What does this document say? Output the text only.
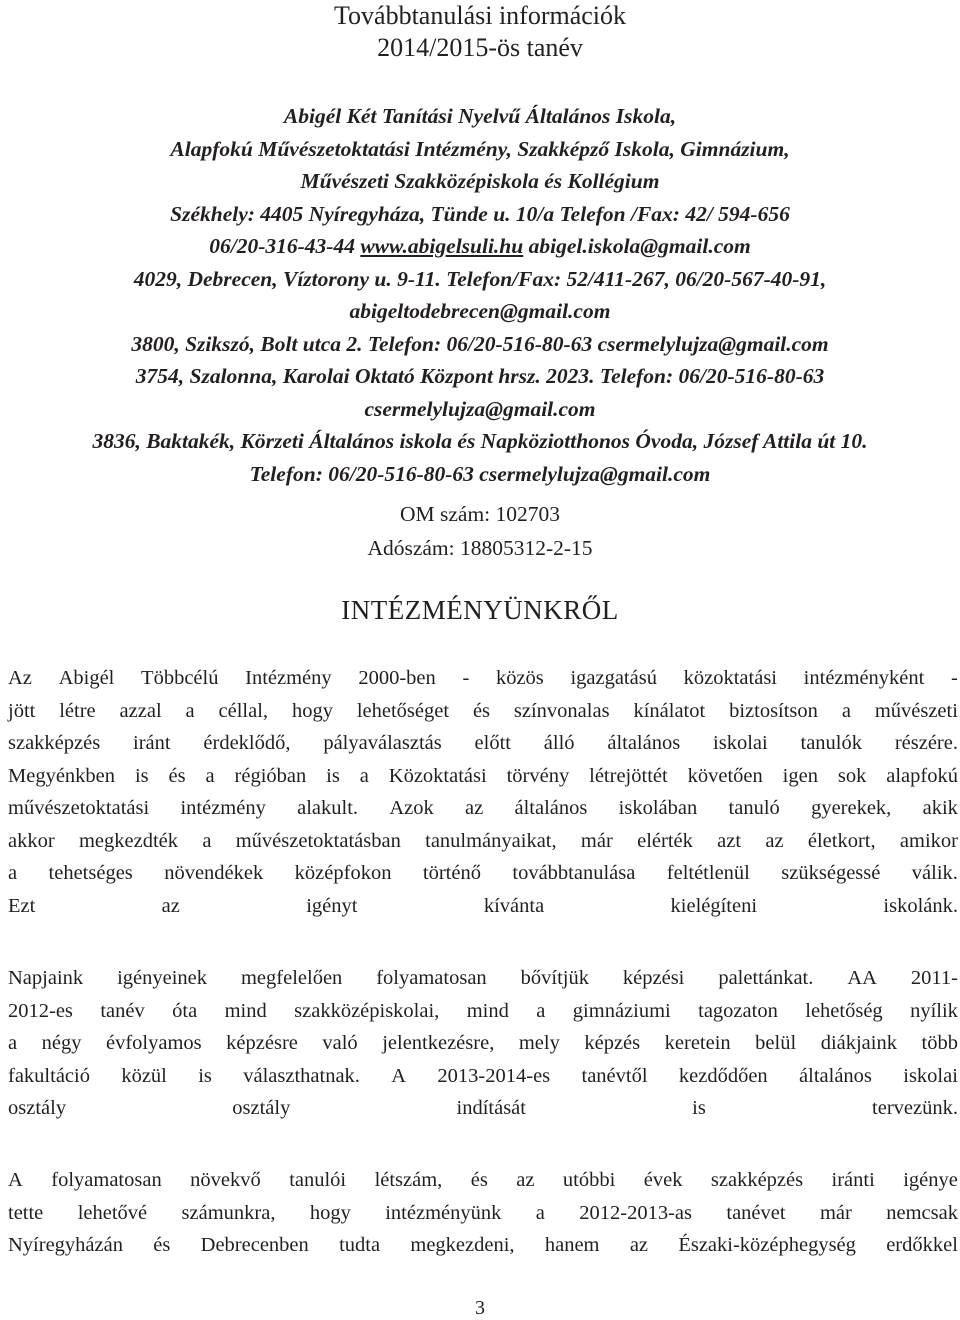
Továbbtanulási információk
2014/2015-ös tanév
Abigél Két Tanítási Nyelvű Általános Iskola,
Alapfokú Művészetoktatási Intézmény, Szakképző Iskola, Gimnázium,
Művészeti Szakközépiskola és Kollégium
Székhely: 4405 Nyíregyháza, Tünde u. 10/a Telefon /Fax: 42/ 594-656
06/20-316-43-44 www.abigelsuli.hu abigel.iskola@gmail.com
4029, Debrecen, Víztorony u. 9-11. Telefon/Fax: 52/411-267, 06/20-567-40-91,
abigeltodebrecen@gmail.com
3800, Szikszó, Bolt utca 2. Telefon: 06/20-516-80-63 csermelylujza@gmail.com
3754, Szalonna, Karolai Oktató Központ hrsz. 2023. Telefon: 06/20-516-80-63
csermelylujza@gmail.com
3836, Baktakék, Körzeti Általános iskola és Napköziotthonos Óvoda, József Attila út 10.
Telefon: 06/20-516-80-63 csermelylujza@gmail.com
OM szám: 102703
Adószám: 18805312-2-15
INTÉZMÉNYÜNKRŐL
Az Abigél Többcélú Intézmény 2000-ben - közös igazgatású közoktatási intézményként -
jött létre azzal a céllal, hogy lehetőséget és színvonalas kínálatot biztosítson a művészeti
szakképzés iránt érdeklődő, pályaválasztás előtt álló általános iskolai tanulók részére.
Megyénkben is és a régióban is a Közoktatási törvény létrejöttét követően igen sok alapfokú
művészetoktatási intézmény alakult. Azok az általános iskolában tanuló gyerekek, akik
akkor megkezdték a művészetoktatásban tanulmányaikat, már elérték azt az életkort, amikor
a tehetséges növendékek középfokon történő továbbtanulása feltétlenül szükségessé válik.
Ezt az igényt kívánta kielégíteni iskolánk.
Napjaink igényeinek megfelelően folyamatosan bővítjük képzési palettánkat. AA 2011-
2012-es tanév óta mind szakközépiskolai, mind a gimnáziumi tagozaton lehetőség nyílik
a négy évfolyamos képzésre való jelentkezésre, mely képzés keretein belül diákjaink több
fakultáció közül is választhatnak. A 2013-2014-es tanévtől kezdődően általános iskolai
osztály osztály indítását is tervezünk.
A folyamatosan növekvő tanulói létszám, és az utóbbi évek szakképzés iránti igénye
tette lehetővé számunkra, hogy intézményünk a 2012-2013-as tanévet már nemcsak
Nyíregyházán és Debrecenben tudta megkezdeni, hanem az Északi-középhegység erdőkkel
3
